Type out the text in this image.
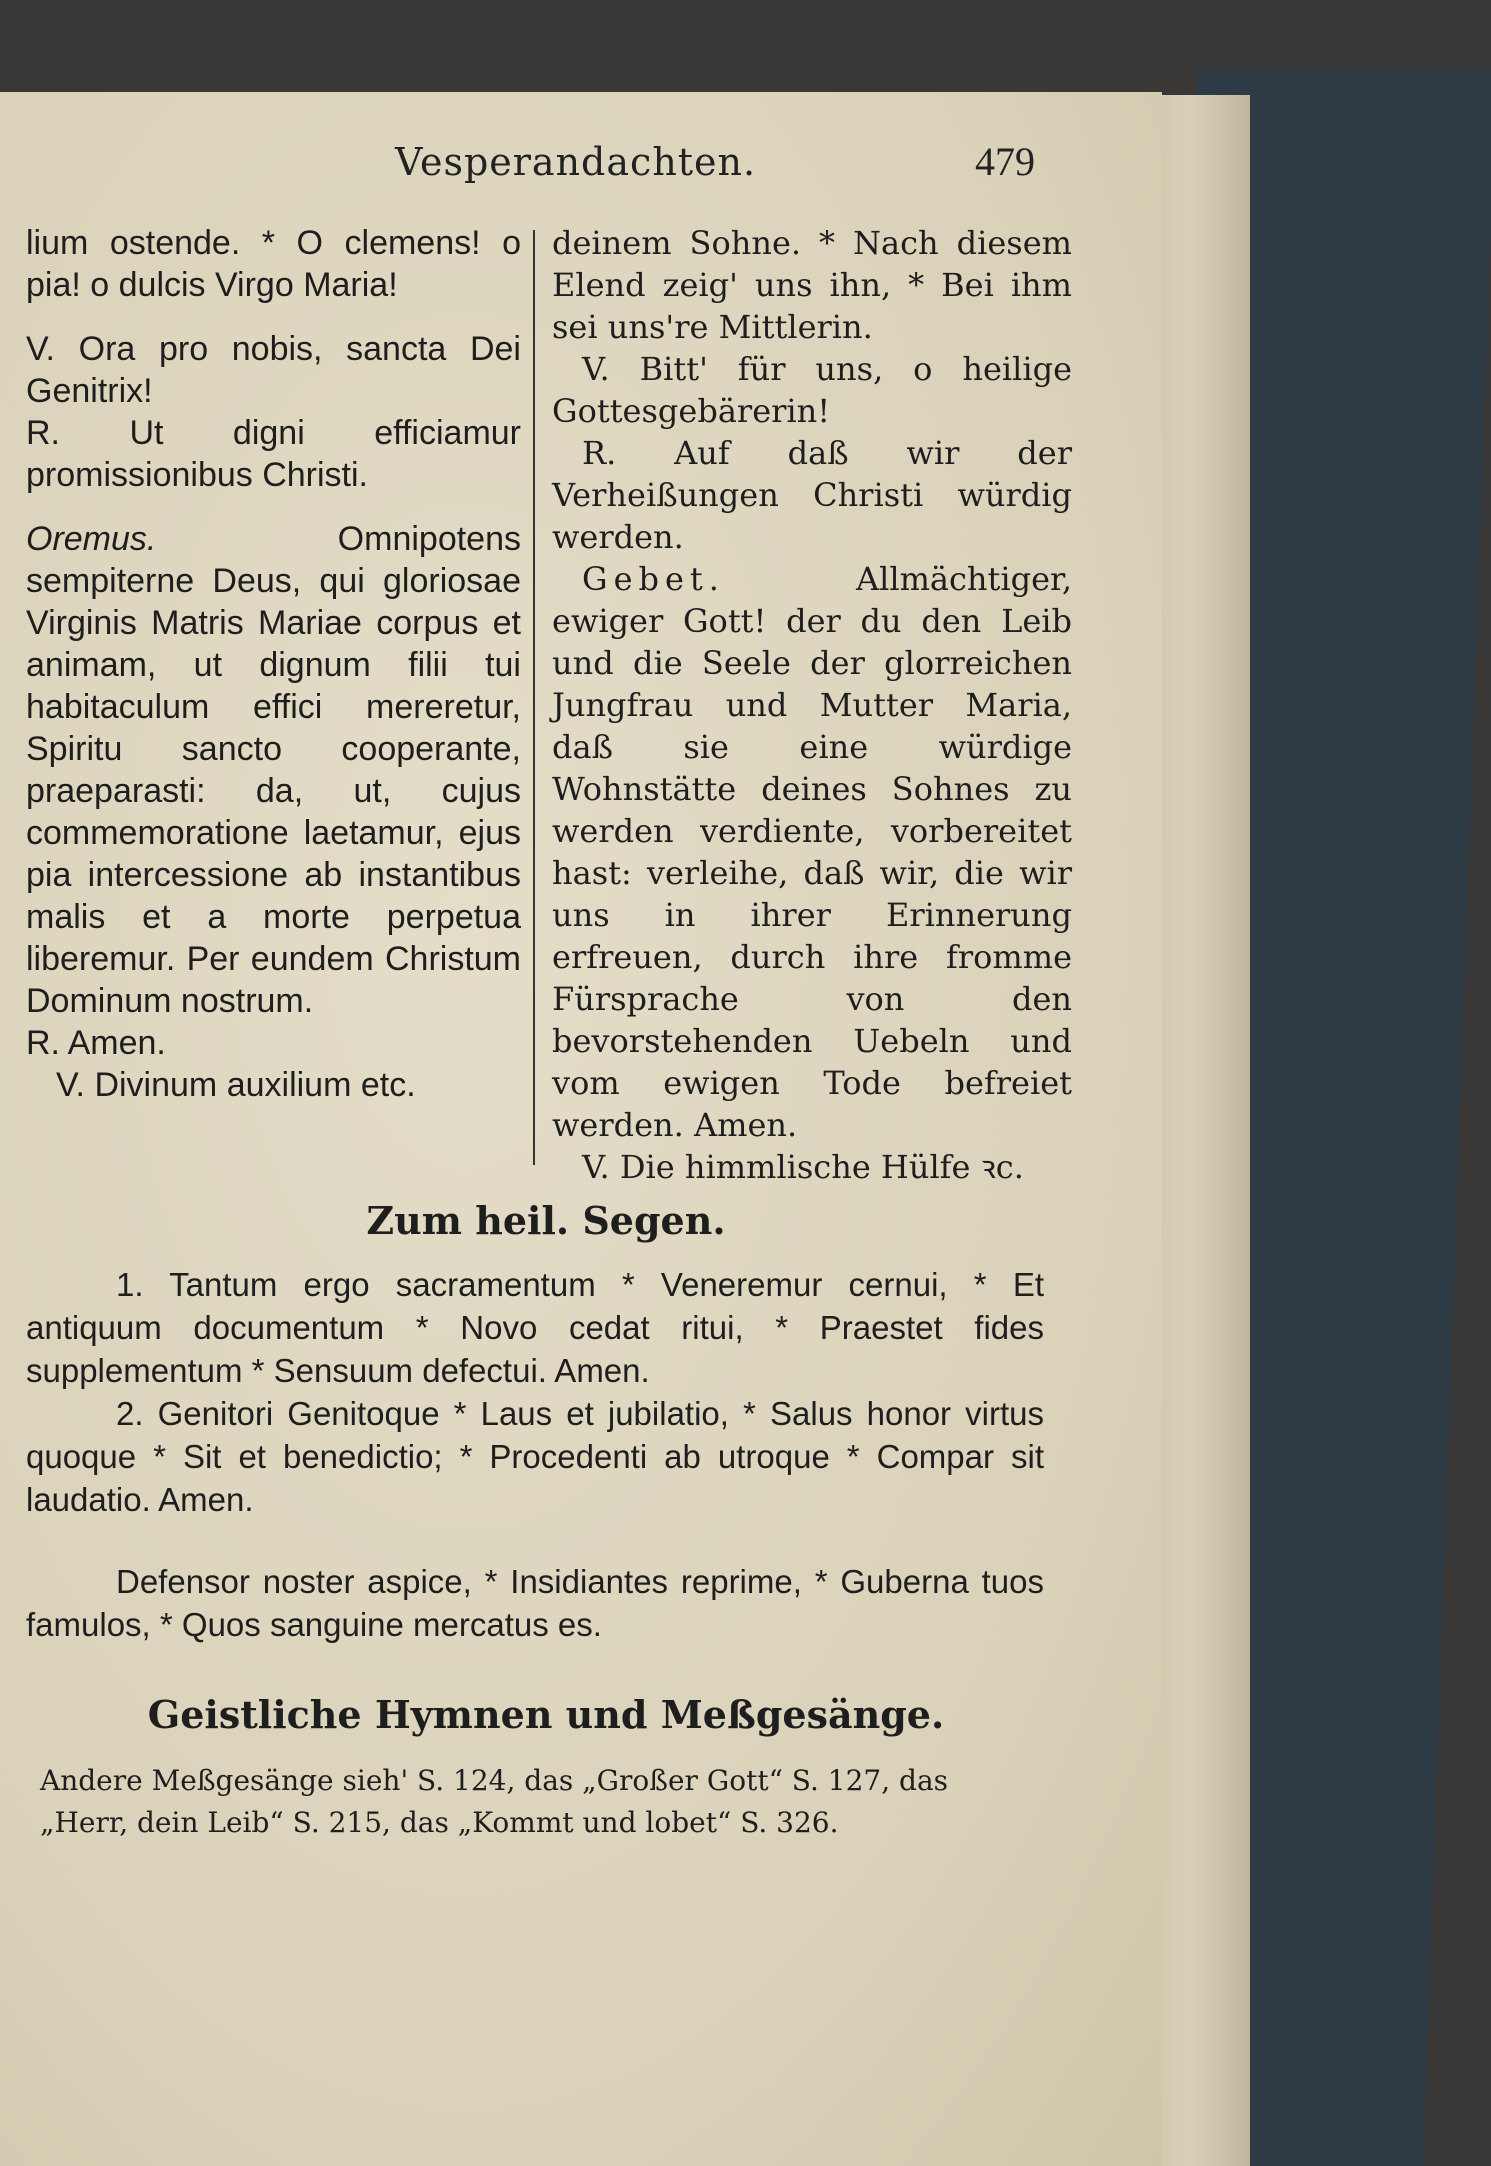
Vesperandachten.	479

lium ostende. * O clemens! o pia! o dulcis Virgo Maria!

V. Ora pro nobis, sancta Dei Genitrix!

R. Ut digni efficiamur promissionibus Christi.

Oremus.	Omnipotens sempiterne Deus, qui gloriosae Virginis Matris Mariae corpus et animam, ut dignum filii tui habitaculum effici mereretur, Spiritu sancto cooperante, praeparasti: da, ut, cujus commemoratione laetamur, ejus pia intercessione ab instantibus malis et a morte perpetua liberemur. Per eundem Christum Dominum nostrum.

R. Amen.

V. Divinum auxilium etc.

deinem Sohne. * Nach diesem Elend zeig' uns ihn, * Bei ihm sei uns're Mittlerin.

V. Bitt' für uns, o heilige Gottesgebärerin!

R. Auf daß wir der Verheißungen Christi würdig werden.

Gebet.	Allmächtiger, ewiger Gott! der du den Leib und die Seele der glorreichen Jungfrau und Mutter Maria, daß sie eine würdige Wohnstätte deines Sohnes zu werden verdiente, vorbereitet hast: verleihe, daß wir, die wir uns in ihrer Erinnerung erfreuen, durch ihre fromme Fürsprache von den bevorstehenden Uebeln und vom ewigen Tode befreiet werden. Amen.

V. Die himmlische Hülfe ꝛc.

Zum heil. Segen.

1. Tantum ergo sacramentum * Veneremur cernui, * Et antiquum documentum * Novo cedat ritui, * Praestet fides supplementum * Sensuum defectui. Amen.

2. Genitori Genitoque * Laus et jubilatio, * Salus honor virtus quoque * Sit et benedictio; * Procedenti ab utroque * Compar sit laudatio. Amen.

Defensor noster aspice, * Insidiantes reprime, * Guberna tuos famulos, * Quos sanguine mercatus es.

Geistliche Hymnen und Meßgesänge.
Andere Meßgesänge sieh' S. 124, das „Großer Gott“ S. 127, das „Herr, dein Leib“ S. 215, das „Kommt und lobet“ S. 326.
